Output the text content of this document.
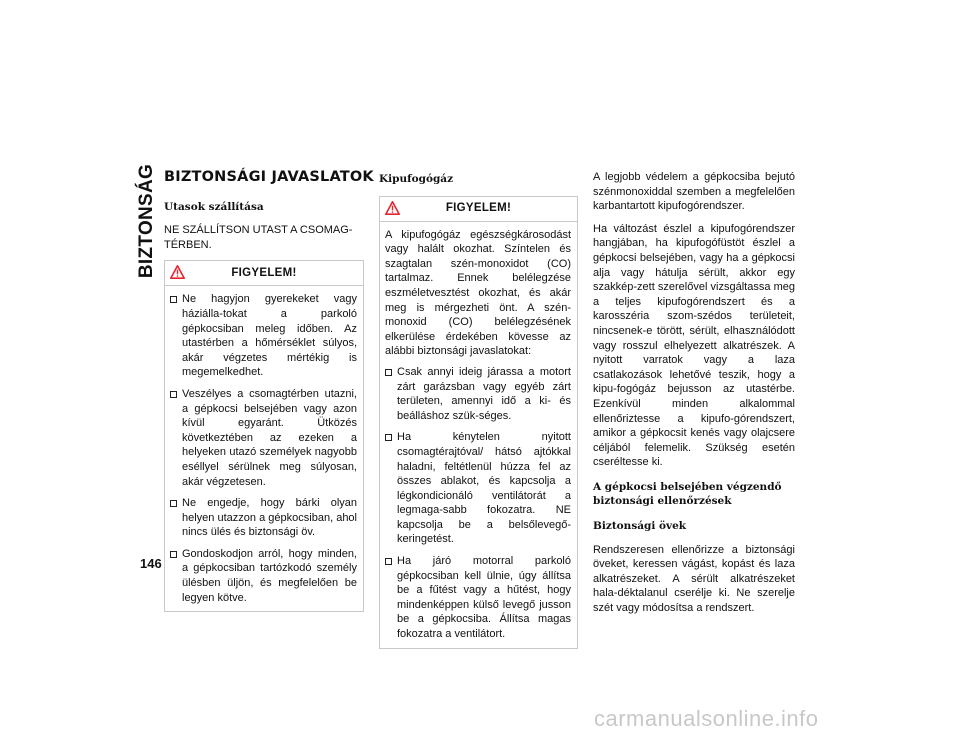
BIZTONSÁG BIZTONSÁGI JAVASLATOK
Utasok szállítása

NE SZÁLLÍTSON UTAST A CSOMAG-TÉRBEN.

FIGYELEM!
Ne hagyjon gyerekeket vagy háziálla-tokat a parkoló gépkocsiban meleg időben. Az utastérben a hőmérséklet súlyos, akár végzetes mértékig is megemelkedhet.
Veszélyes a csomagtérben utazni, a gépkocsi belsejében vagy azon kívül egyaránt. Ütközés következtében az ezeken a helyeken utazó személyek nagyobb eséllyel sérülnek meg súlyosan, akár végzetesen.
Ne engedje, hogy bárki olyan helyen utazzon a gépkocsiban, ahol nincs ülés és biztonsági öv.
Gondoskodjon arról, hogy minden, a gépkocsiban tartózkodó személy ülésben üljön, és megfelelően be legyen kötve.
Kipufogógáz
FIGYELEM!
A kipufogógáz egészségkárosodást vagy halált okozhat. Színtelen és szagtalan szén-monoxidot (CO) tartalmaz. Ennek belélegzése eszméletvesztést okozhat, és akár meg is mérgezheti önt. A szén-monoxid (CO) belélegzésének elkerülése érdekében kövesse az alábbi biztonsági javaslatokat:
Csak annyi ideig járassa a motort zárt garázsban vagy egyéb zárt területen, amennyi idő a ki- és beálláshoz szük-séges.
Ha kénytelen nyitott csomagtérajtóval/ hátsó ajtókkal haladni, feltétlenül húzza fel az összes ablakot, és kapcsolja a légkondicionáló ventilátorát a legmaga-sabb fokozatra. NE kapcsolja be a belsőlevegő-keringetést.
Ha járó motorral parkoló gépkocsiban kell ülnie, úgy állítsa be a fűtést vagy a hűtést, hogy mindenképpen külső levegő jusson be a gépkocsiba. Állítsa magas fokozatra a ventilátort.

A legjobb védelem a gépkocsiba bejutó szénmonoxiddal szemben a megfelelően karbantartott kipufogórendszer.

Ha változást észlel a kipufogórendszer hangjában, ha kipufogófüstöt észlel a gépkocsi belsejében, vagy ha a gépkocsi alja vagy hátulja sérült, akkor egy szakkép-zett szerelővel vizsgáltassa meg a teljes kipufogórendszert és a karosszéria szom-szédos területeit, nincsenek-e törött, sérült, elhasználódott vagy rosszul elhelyezett alkatrészek. A nyitott varratok vagy a laza csatlakozások lehetővé teszik, hogy a kipu-fogógáz bejusson az utastérbe. Ezenkívül minden alkalommal ellenőriztesse a kipufo-górendszert, amikor a gépkocsit kenés vagy olajcsere céljából felemelik. Szükség esetén cseréltesse ki.

A gépkocsi belsejében végzendő biztonsági ellenőrzések
Biztonsági övek

Rendszeresen ellenőrizze a biztonsági öveket, keressen vágást, kopást és laza alkatrészeket. A sérült alkatrészeket hala-déktalanul cserélje ki. Ne szerelje szét vagy módosítsa a rendszert.

146
carmanualsonline.info
